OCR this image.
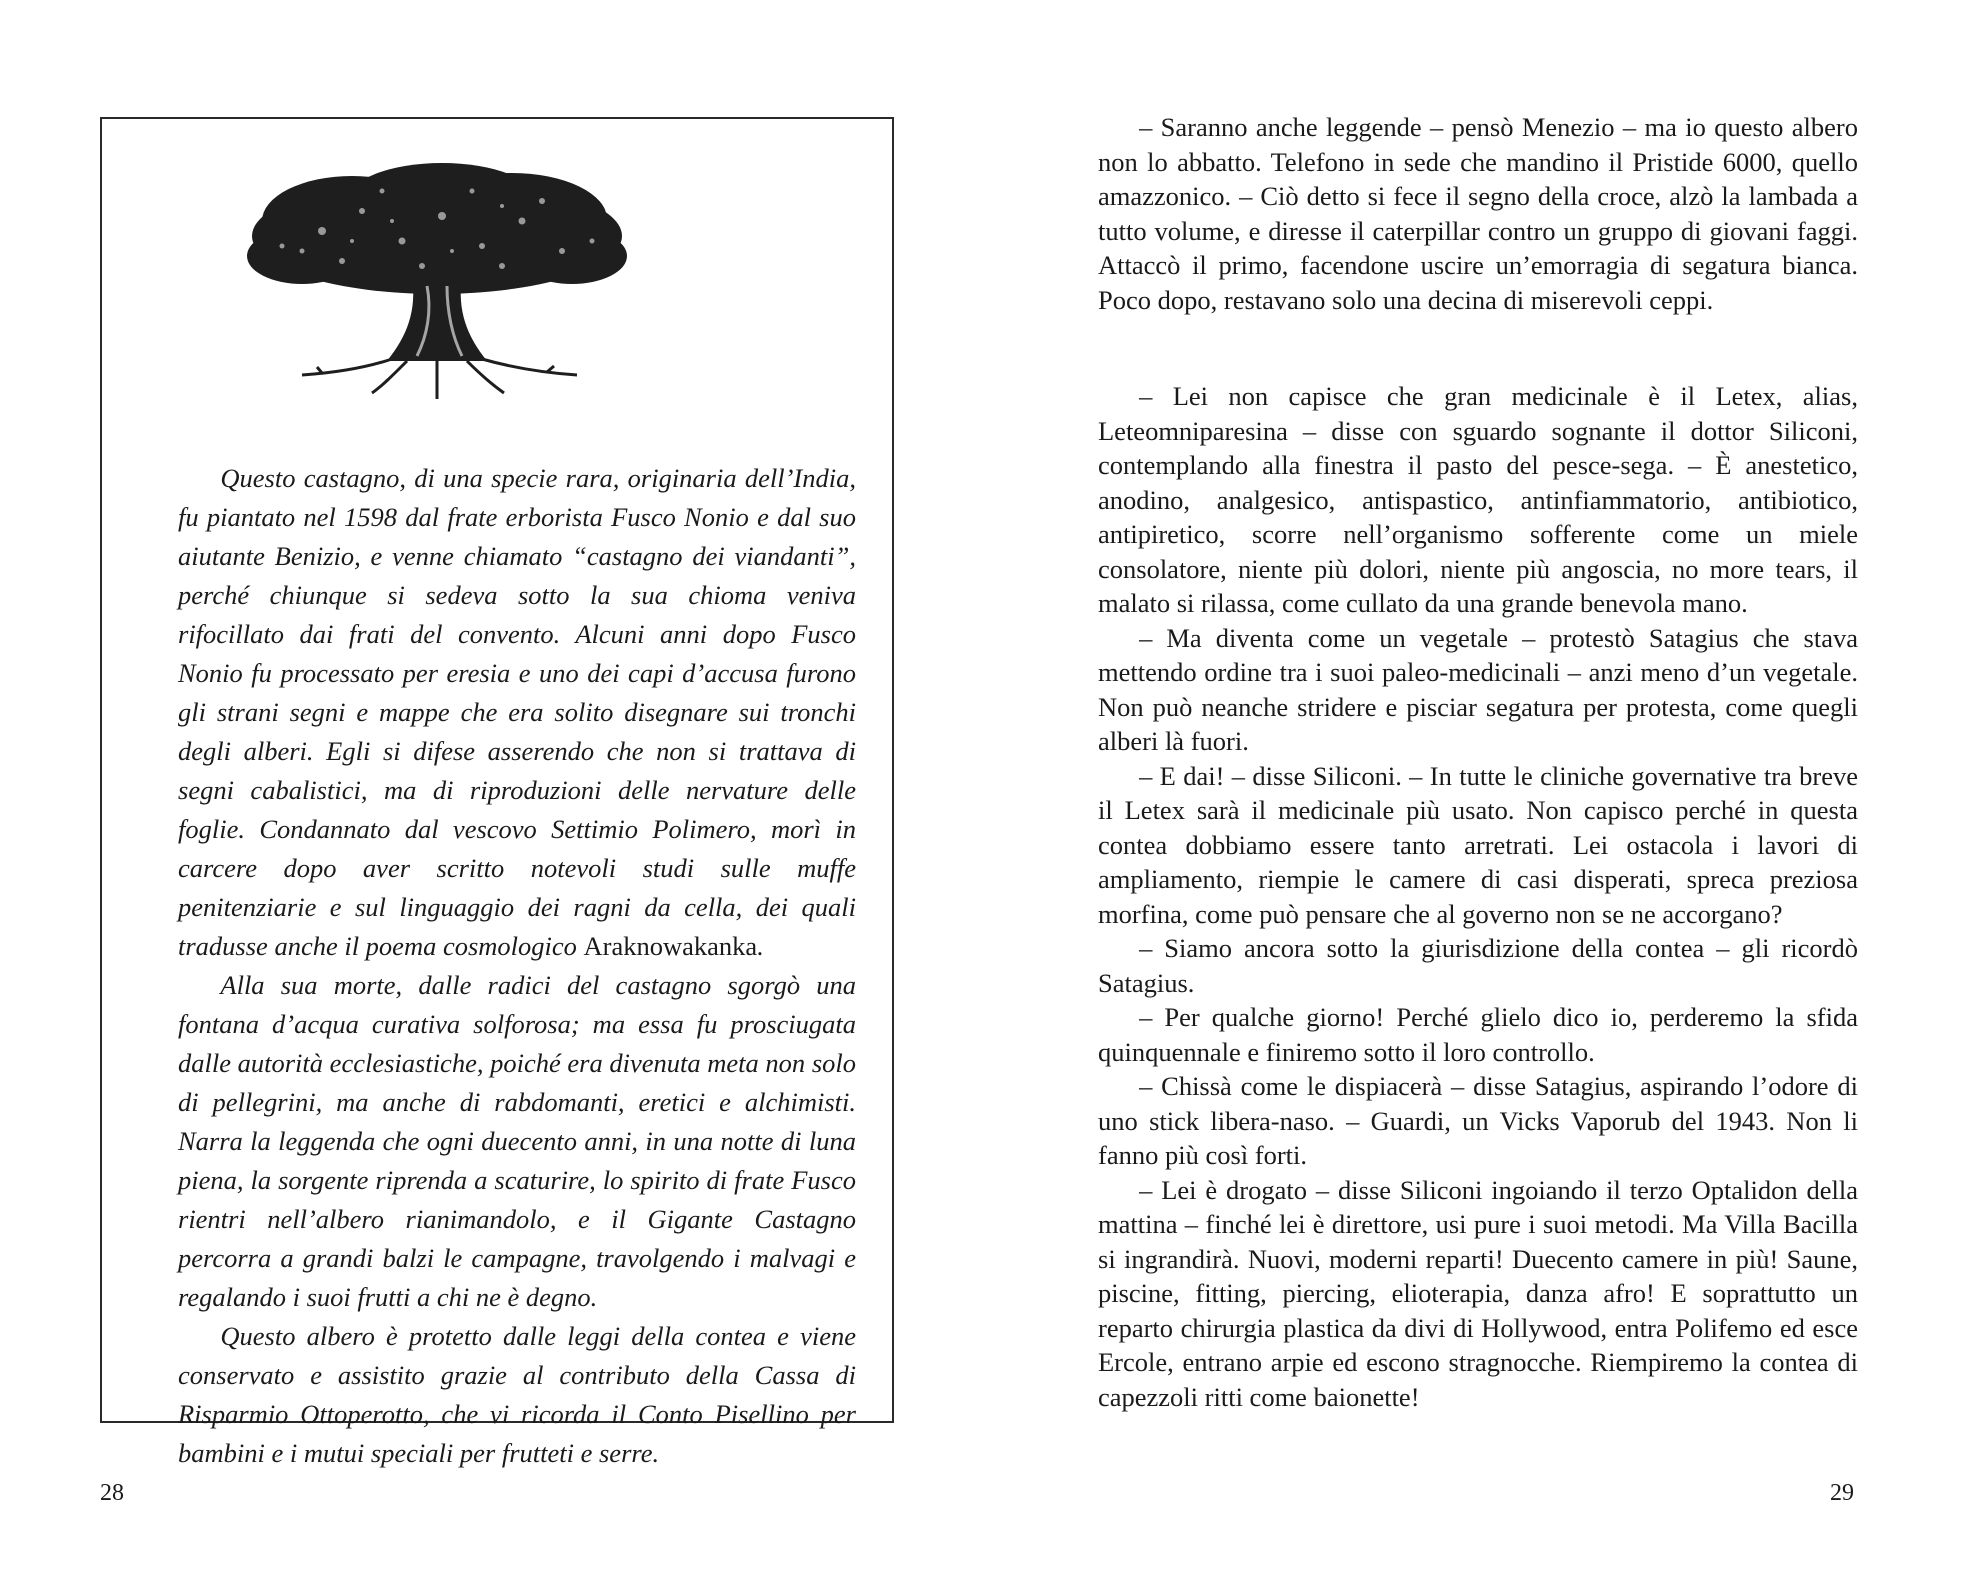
Questo castagno, di una specie rara, originaria dell’India, fu piantato nel 1598 dal frate erborista Fusco Nonio e dal suo aiutante Benizio, e venne chiamato “castagno dei viandanti”, perché chiunque si sedeva sotto la sua chioma veniva rifocillato dai frati del convento. Alcuni anni dopo Fusco Nonio fu processato per eresia e uno dei capi d’accusa furono gli strani segni e mappe che era solito disegnare sui tronchi degli alberi. Egli si difese asserendo che non si trattava di segni cabalistici, ma di riproduzioni delle nervature delle foglie. Condannato dal vescovo Settimio Polimero, morì in carcere dopo aver scritto notevoli studi sulle muffe penitenziarie e sul linguaggio dei ragni da cella, dei quali tradusse anche il poema cosmologico Araknowakanka.

Alla sua morte, dalle radici del castagno sgorgò una fontana d’acqua curativa solforosa; ma essa fu prosciugata dalle autorità ecclesiastiche, poiché era divenuta meta non solo di pellegrini, ma anche di rabdomanti, eretici e alchimisti. Narra la leggenda che ogni duecento anni, in una notte di luna piena, la sorgente riprenda a scaturire, lo spirito di frate Fusco rientri nell’albero rianimandolo, e il Gigante Castagno percorra a grandi balzi le campagne, travolgendo i malvagi e regalando i suoi frutti a chi ne è degno.

Questo albero è protetto dalle leggi della contea e viene conservato e assistito grazie al contributo della Cassa di Risparmio Ottoperotto, che vi ricorda il Conto Pisellino per bambini e i mutui speciali per frutteti e serre.

28

– Saranno anche leggende – pensò Menezio – ma io questo albero non lo abbatto. Telefono in sede che mandino il Pristide 6000, quello amazzonico. – Ciò detto si fece il segno della croce, alzò la lambada a tutto volume, e diresse il caterpillar contro un gruppo di giovani faggi. Attaccò il primo, facendone uscire un’emorragia di segatura bianca. Poco dopo, restavano solo una decina di miserevoli ceppi.

– Lei non capisce che gran medicinale è il Letex, alias, Leteomniparesina – disse con sguardo sognante il dottor Siliconi, contemplando alla finestra il pasto del pesce-sega. – È anestetico, anodino, analgesico, antispastico, antinfiammatorio, antibiotico, antipiretico, scorre nell’organismo sofferente come un miele consolatore, niente più dolori, niente più angoscia, no more tears, il malato si rilassa, come cullato da una grande benevola mano.

– Ma diventa come un vegetale – protestò Satagius che stava mettendo ordine tra i suoi paleo-medicinali – anzi meno d’un vegetale. Non può neanche stridere e pisciar segatura per protesta, come quegli alberi là fuori.

– E dai! – disse Siliconi. – In tutte le cliniche governative tra breve il Letex sarà il medicinale più usato. Non capisco perché in questa contea dobbiamo essere tanto arretrati. Lei ostacola i lavori di ampliamento, riempie le camere di casi disperati, spreca preziosa morfina, come può pensare che al governo non se ne accorgano?

– Siamo ancora sotto la giurisdizione della contea – gli ricordò Satagius.

– Per qualche giorno! Perché glielo dico io, perderemo la sfida quinquennale e finiremo sotto il loro controllo.

– Chissà come le dispiacerà – disse Satagius, aspirando l’odore di uno stick libera-naso. – Guardi, un Vicks Vaporub del 1943. Non li fanno più così forti.

– Lei è drogato – disse Siliconi ingoiando il terzo Optalidon della mattina – finché lei è direttore, usi pure i suoi metodi. Ma Villa Bacilla si ingrandirà. Nuovi, moderni reparti! Duecento camere in più! Saune, piscine, fitting, piercing, elioterapia, danza afro! E soprattutto un reparto chirurgia plastica da divi di Hollywood, entra Polifemo ed esce Ercole, entrano arpie ed escono stragnocche. Riempiremo la contea di capezzoli ritti come baionette!

29
